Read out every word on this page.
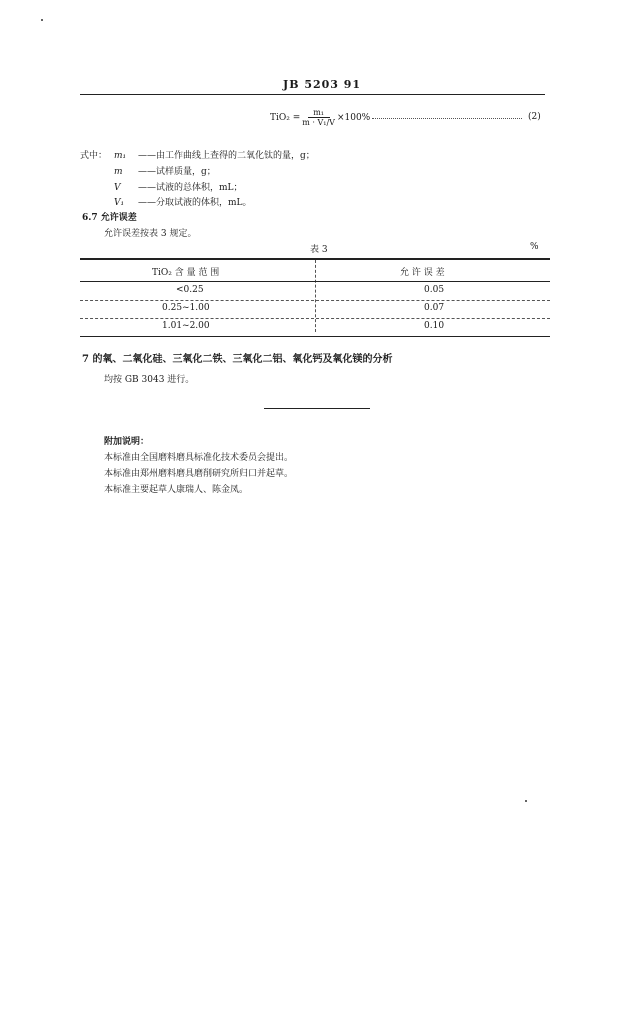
JB 5203 91
$TiO_2 = \frac{\text{m₁}}{\text{m · V₁/V}} \times 100\%$	(2)
式中： m₁ ——由工作曲线上查得的二氧化钛的量，g；
m ——试样质量，g；
V ——试液的总体积，mL；
V₁ ——分取试液的体积，mL。
6.7 允许误差
允许误差按表 3 规定。
表 3	%
TiO₂ 含 量 范 围	允 许 误 差
<0.25	0.05
0.25~1.00	0.07
1.01~2.00	0.10
7 的氧、二氧化硅、三氧化二铁、三氧化二铝、氧化钙及氧化镁的分析
均按 GB 3043 进行。
附加说明：
本标准由全国磨料磨具标准化技术委员会提出。
本标准由郑州磨料磨具磨削研究所归口并起草。
本标准主要起草人康瑞人、陈金凤。
